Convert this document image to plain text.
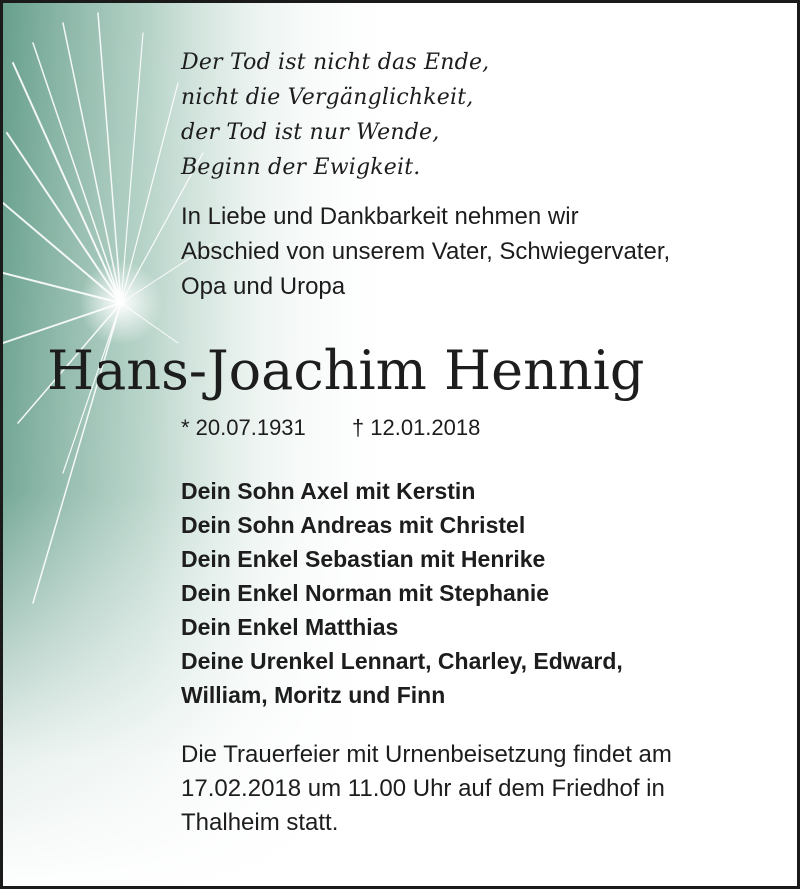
Der Tod ist nicht das Ende,
nicht die Vergänglichkeit,
der Tod ist nur Wende,
Beginn der Ewigkeit.
In Liebe und Dankbarkeit nehmen wir
Abschied von unserem Vater, Schwiegervater,
Opa und Uropa
Hans-Joachim Hennig
* 20.07.1931 † 12.01.2018
Dein Sohn Axel mit Kerstin
Dein Sohn Andreas mit Christel
Dein Enkel Sebastian mit Henrike
Dein Enkel Norman mit Stephanie
Dein Enkel Matthias
Deine Urenkel Lennart, Charley, Edward,
William, Moritz und Finn
Die Trauerfeier mit Urnenbeisetzung findet am
17.02.2018 um 11.00 Uhr auf dem Friedhof in
Thalheim statt.
